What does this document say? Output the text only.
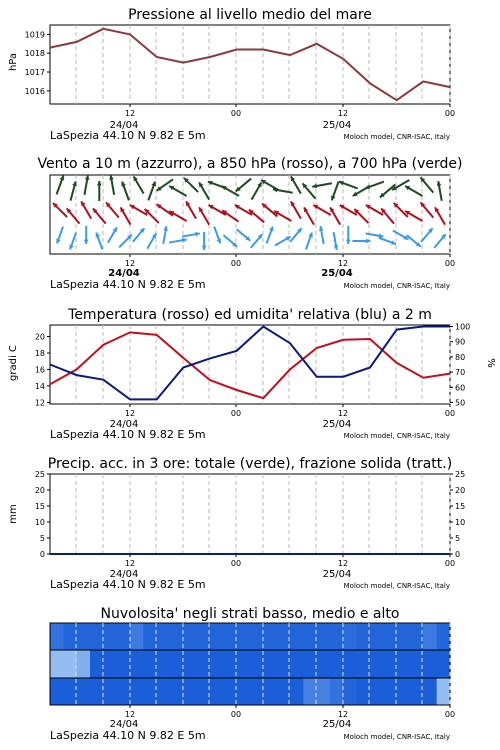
Pressione al livello medio del mare
hPa
1016
1017
1018
1019
12	00	12	00
24/04	25/04
LaSpezia 44.10 N 9.82 E 5m	Moloch model, CNR-ISAC, Italy
Vento a 10 m (azzurro), a 850 hPa (rosso), a 700 hPa (verde)
12	00	12	00
24/04	25/04
LaSpezia 44.10 N 9.82 E 5m	Moloch model, CNR-ISAC, Italy
Temperatura (rosso) ed umidita' relativa (blu) a 2 m
gradi C	%
12
14
16
18
20
50
60
70
80
90
100
12	00	12	00
24/04	25/04
LaSpezia 44.10 N 9.82 E 5m	Moloch model, CNR-ISAC, Italy
Precip. acc. in 3 ore: totale (verde), frazione solida (tratt.)
mm
0
5
10
15
20
25
0
5
10
15
20
25
12	00	12	00
24/04	25/04
LaSpezia 44.10 N 9.82 E 5m	Moloch model, CNR-ISAC, Italy
Nuvolosita' negli strati basso, medio e alto
12	00	12	00
24/04	25/04
LaSpezia 44.10 N 9.82 E 5m	Moloch model, CNR-ISAC, Italy
